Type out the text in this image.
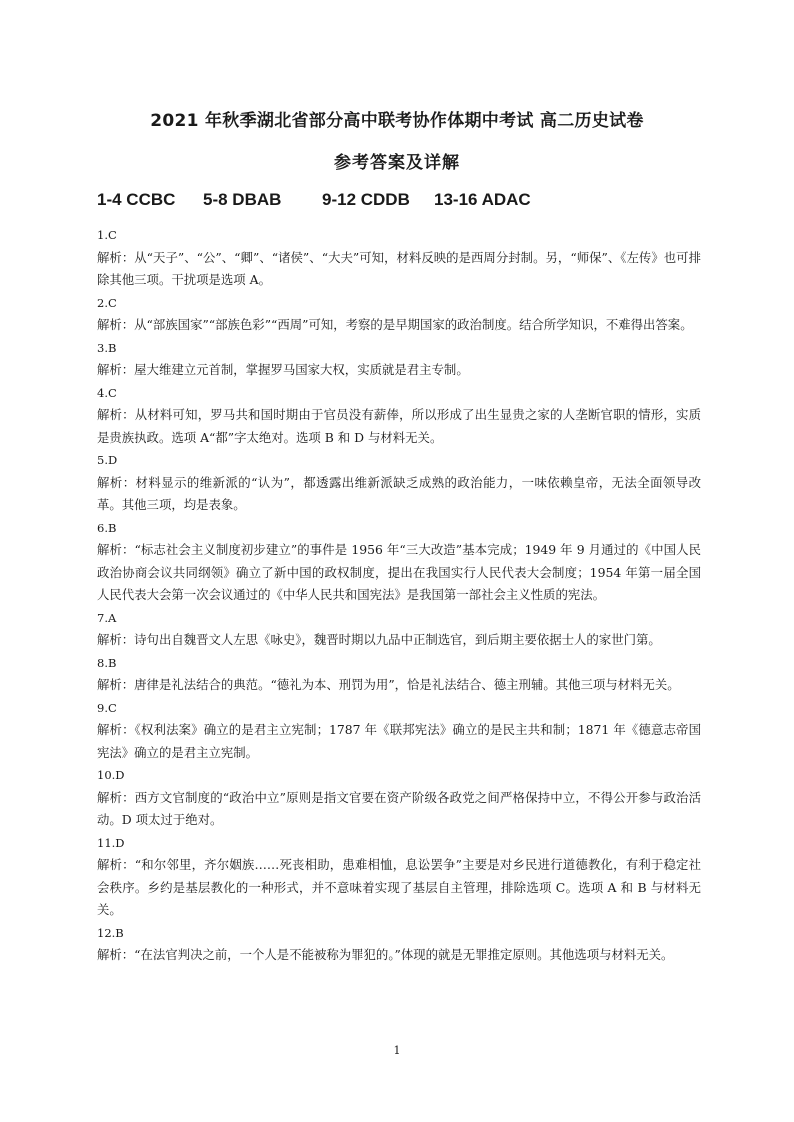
2021 年秋季湖北省部分高中联考协作体期中考试 高二历史试卷
参考答案及详解
1-4 CCBC 5-8 DBAB 9-12 CDDB 13-16 ADAC

1.C

解析：从“天子”、“公”、“卿”、“诸侯”、“大夫”可知，材料反映的是西周分封制。另，“师保”、《左传》也可排除其他三项。干扰项是选项 A。

2.C

解析：从“部族国家”“部族色彩”“西周”可知，考察的是早期国家的政治制度。结合所学知识，不难得出答案。

3.B

解析：屋大维建立元首制，掌握罗马国家大权，实质就是君主专制。

4.C

解析：从材料可知，罗马共和国时期由于官员没有薪俸，所以形成了出生显贵之家的人垄断官职的情形，实质是贵族执政。选项 A“都”字太绝对。选项 B 和 D 与材料无关。

5.D

解析：材料显示的维新派的“认为”，都透露出维新派缺乏成熟的政治能力，一味依赖皇帝，无法全面领导改革。其他三项，均是表象。

6.B

解析：“标志社会主义制度初步建立”的事件是 1956 年“三大改造”基本完成；1949 年 9 月通过的《中国人民政治协商会议共同纲领》确立了新中国的政权制度，提出在我国实行人民代表大会制度；1954 年第一届全国人民代表大会第一次会议通过的《中华人民共和国宪法》是我国第一部社会主义性质的宪法。

7.A

解析：诗句出自魏晋文人左思《咏史》，魏晋时期以九品中正制选官，到后期主要依据士人的家世门第。

8.B

解析：唐律是礼法结合的典范。“德礼为本、刑罚为用”，恰是礼法结合、德主刑辅。其他三项与材料无关。

9.C

解析：《权利法案》确立的是君主立宪制；1787 年《联邦宪法》确立的是民主共和制；1871 年《德意志帝国宪法》确立的是君主立宪制。

10.D

解析：西方文官制度的“政治中立”原则是指文官要在资产阶级各政党之间严格保持中立，不得公开参与政治活动。D 项太过于绝对。

11.D

解析：“和尔邻里，齐尔姻族……死丧相助，患难相恤，息讼罢争”主要是对乡民进行道德教化，有利于稳定社会秩序。乡约是基层教化的一种形式，并不意味着实现了基层自主管理，排除选项 C。选项 A 和 B 与材料无关。

12.B

解析：“在法官判决之前，一个人是不能被称为罪犯的。”体现的就是无罪推定原则。其他选项与材料无关。

1
